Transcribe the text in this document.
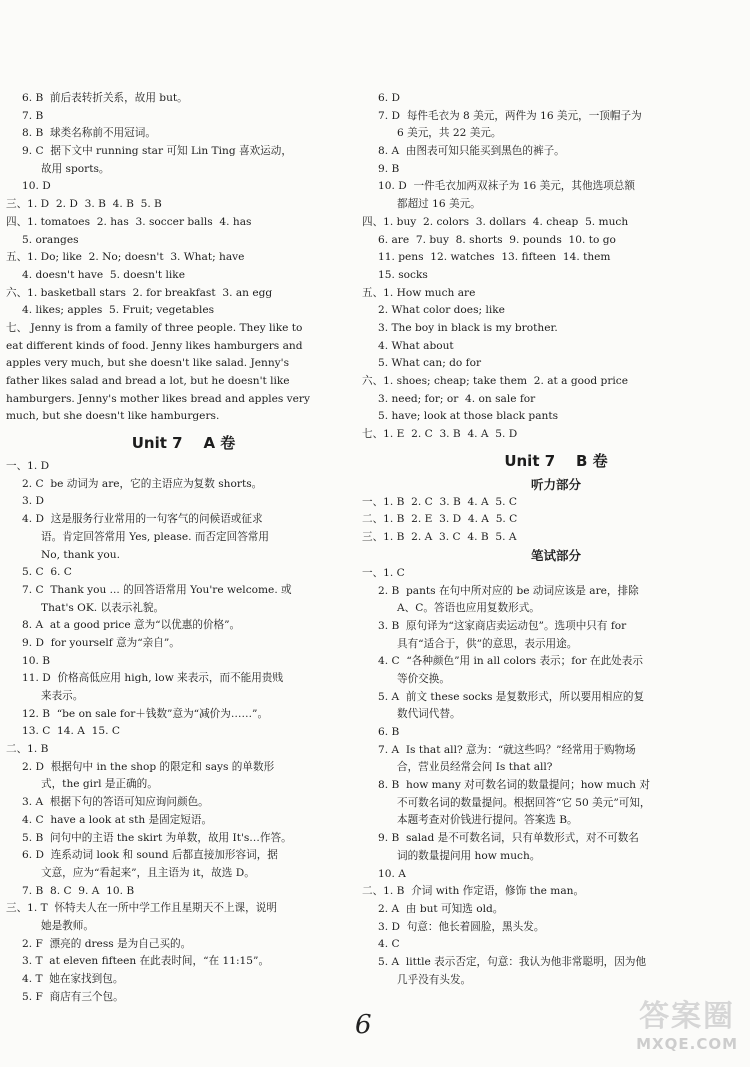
6. B  前后表转折关系，故用 but。
7. B
8. B  球类名称前不用冠词。
9. C  据下文中 running star 可知 Lin Ting 喜欢运动，
故用 sports。
10. D
三、1. D  2. D  3. B  4. B  5. B
四、1. tomatoes  2. has  3. soccer balls  4. has
5. oranges
五、1. Do; like  2. No; doesn't  3. What; have
4. doesn't have  5. doesn't like
六、1. basketball stars  2. for breakfast  3. an egg
4. likes; apples  5. Fruit; vegetables
七、 Jenny is from a family of three people. They like to
eat different kinds of food. Jenny likes hamburgers and
apples very much, but she doesn't like salad. Jenny's
father likes salad and bread a lot, but he doesn't like
hamburgers. Jenny's mother likes bread and apples very
much, but she doesn't like hamburgers.
Unit 7    A 卷
一、1. D
2. C  be 动词为 are，它的主语应为复数 shorts。
3. D
4. D  这是服务行业常用的一句客气的问候语或征求
语。肯定回答常用 Yes, please. 而否定回答常用
No, thank you.
5. C  6. C
7. C  Thank you ... 的回答语常用 You're welcome. 或
That's OK. 以表示礼貌。
8. A  at a good price 意为“以优惠的价格”。
9. D  for yourself 意为“亲自”。
10. B
11. D  价格高低应用 high, low 来表示，而不能用贵贱
来表示。
12. B  “be on sale for＋钱数”意为“减价为……”。
13. C  14. A  15. C
二、1. B
2. D  根据句中 in the shop 的限定和 says 的单数形
式，the girl 是正确的。
3. A  根据下句的答语可知应询问颜色。
4. C  have a look at sth 是固定短语。
5. B  问句中的主语 the skirt 为单数，故用 It's…作答。
6. D  连系动词 look 和 sound 后都直接加形容词，据
文意，应为“看起来”，且主语为 it，故选 D。
7. B  8. C  9. A  10. B
三、1. T  怀特夫人在一所中学工作且星期天不上课，说明
她是教师。
2. F  漂亮的 dress 是为自己买的。
3. T  at eleven fifteen 在此表时间，“在 11:15”。
4. T  她在家找到包。
5. F  商店有三个包。
6. D
7. D  每件毛衣为 8 美元，两件为 16 美元，一顶帽子为
6 美元，共 22 美元。
8. A  由图表可知只能买到黑色的裤子。
9. B
10. D  一件毛衣加两双袜子为 16 美元，其他选项总额
都超过 16 美元。
四、1. buy  2. colors  3. dollars  4. cheap  5. much
6. are  7. buy  8. shorts  9. pounds  10. to go
11. pens  12. watches  13. fifteen  14. them
15. socks
五、1. How much are
2. What color does; like
3. The boy in black is my brother.
4. What about
5. What can; do for
六、1. shoes; cheap; take them  2. at a good price
3. need; for; or  4. on sale for
5. have; look at those black pants
七、1. E  2. C  3. B  4. A  5. D
Unit 7    B 卷
听力部分
一、1. B  2. C  3. B  4. A  5. C
二、1. B  2. E  3. D  4. A  5. C
三、1. B  2. A  3. C  4. B  5. A
笔试部分
一、1. C
2. B  pants 在句中所对应的 be 动词应该是 are，排除
A、C。答语也应用复数形式。
3. B  原句译为“这家商店卖运动包”。选项中只有 for
具有“适合于，供”的意思，表示用途。
4. C  “各种颜色”用 in all colors 表示；for 在此处表示
等价交换。
5. A  前文 these socks 是复数形式，所以要用相应的复
数代词代替。
6. B
7. A  Is that all? 意为：“就这些吗？”经常用于购物场
合，营业员经常会问 Is that all?
8. B  how many 对可数名词的数量提问；how much 对
不可数名词的数量提问。根据回答“它 50 美元”可知，
本题考查对价钱进行提问。答案选 B。
9. B  salad 是不可数名词，只有单数形式，对不可数名
词的数量提问用 how much。
10. A
二、1. B  介词 with 作定语，修饰 the man。
2. A  由 but 可知选 old。
3. D  句意：他长着圆脸，黑头发。
4. C
5. A  little 表示否定，句意：我认为他非常聪明，因为他
几乎没有头发。
6	答案圈
MXQE.COM
